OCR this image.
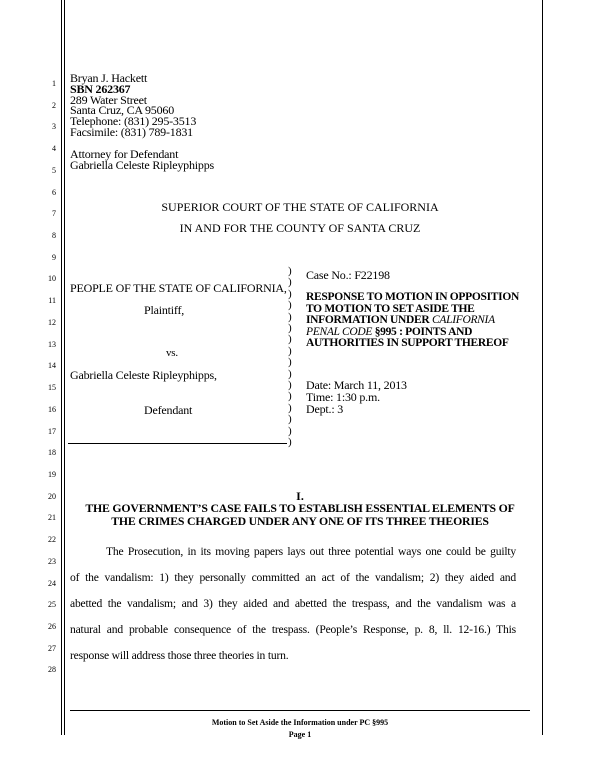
1
2
3
4
5
6
7
8
9
10
11
12
13
14
15
16
17
18
19
20
21
22
23
24
25
26
27
28
Bryan J. Hackett
SBN 262367
289 Water Street
Santa Cruz, CA 95060
Telephone: (831) 295-3513
Facsimile: (831) 789-1831
Attorney for Defendant
Gabriella Celeste Ripleyphipps
SUPERIOR COURT OF THE STATE OF CALIFORNIA
IN AND FOR THE COUNTY OF SANTA CRUZ
PEOPLE OF THE STATE OF CALIFORNIA,
Plaintiff,
vs.
Gabriella Celeste Ripleyphipps,
Defendant
)
)
)
)
)
)
)
)
)
)
)
)
)
)
)
)
Case No.: F22198
RESPONSE TO MOTION IN OPPOSITION TO MOTION TO SET ASIDE THE INFORMATION UNDER CALIFORNIA PENAL CODE §995 : POINTS AND AUTHORITIES IN SUPPORT THEREOF
Date: March 11, 2013
Time: 1:30 p.m.
Dept.: 3
I.
THE GOVERNMENT’S CASE FAILS TO ESTABLISH ESSENTIAL ELEMENTS OF
THE CRIMES CHARGED UNDER ANY ONE OF ITS THREE THEORIES
The Prosecution, in its moving papers lays out three potential ways one could be guilty
of the vandalism: 1) they personally committed an act of the vandalism; 2) they aided and
abetted the vandalism; and 3) they aided and abetted the trespass, and the vandalism was a
natural and probable consequence of the trespass. (People’s Response, p. 8, ll. 12-16.) This
response will address those three theories in turn.
Motion to Set Aside the Information under PC §995
Page 1
